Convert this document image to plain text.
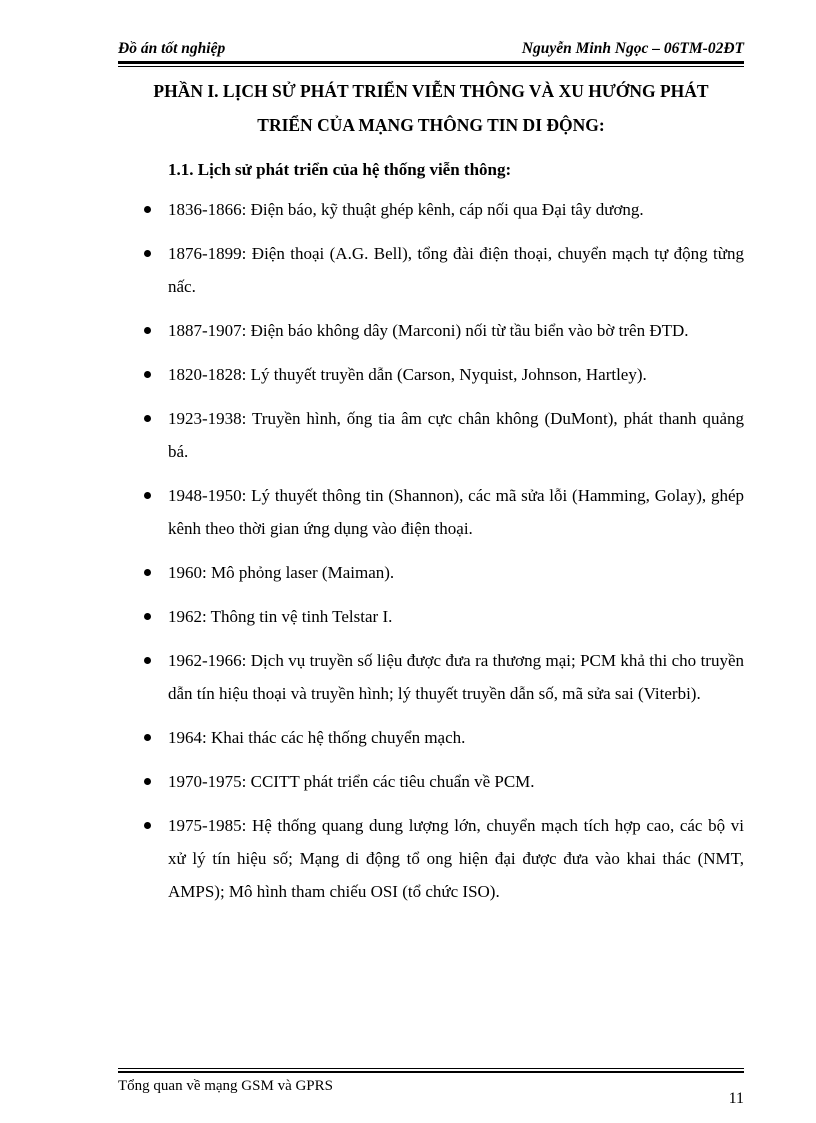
Đồ án tốt nghiệp	Nguyễn Minh Ngọc – 06TM-02ĐT
PHẦN I. LỊCH SỬ PHÁT TRIỂN VIỄN THÔNG VÀ XU HƯỚNG PHÁT
TRIỂN CỦA MẠNG THÔNG TIN DI ĐỘNG:
1.1. Lịch sử phát triển của hệ thống viễn thông:
1836-1866: Điện báo, kỹ thuật ghép kênh, cáp nối qua Đại tây dương.
1876-1899: Điện thoại (A.G. Bell), tổng đài điện thoại, chuyển mạch tự động từng nấc.
1887-1907: Điện báo không dây (Marconi) nối từ tầu biển vào bờ trên ĐTD.
1820-1828: Lý thuyết truyền dẫn (Carson, Nyquist, Johnson, Hartley).
1923-1938: Truyền hình, ống tia âm cực chân không (DuMont), phát thanh quảng bá.
1948-1950: Lý thuyết thông tin (Shannon), các mã sửa lỗi (Hamming, Golay), ghép kênh theo thời gian ứng dụng vào điện thoại.
1960: Mô phỏng laser (Maiman).
1962: Thông tin vệ tinh Telstar I.
1962-1966: Dịch vụ truyền số liệu được đưa ra thương mại; PCM khả thi cho truyền dẫn tín hiệu thoại và truyền hình; lý thuyết truyền dẫn số, mã sửa sai (Viterbi).
1964: Khai thác các hệ thống chuyển mạch.
1970-1975: CCITT phát triển các tiêu chuẩn về PCM.
1975-1985: Hệ thống quang dung lượng lớn, chuyển mạch tích hợp cao, các bộ vi xử lý tín hiệu số; Mạng di động tổ ong hiện đại được đưa vào khai thác (NMT, AMPS); Mô hình tham chiếu OSI (tổ chức ISO).
Tổng quan về mạng GSM và GPRS
11
